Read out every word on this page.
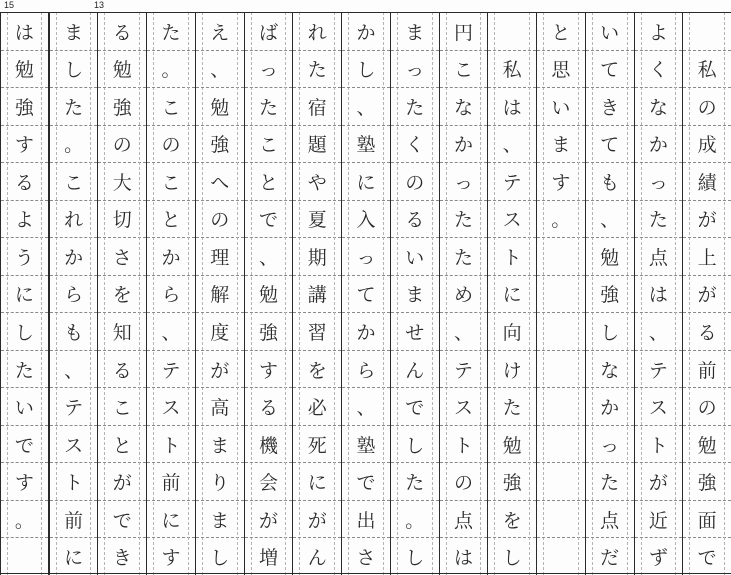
15	13
私
の
成
績
が
上
が
る
前
の
勉
強
面
で
よ
く
な
か
っ
た
点
は
、
テ
ス
ト
が
近
ず
い
て
き
て
も
、
勉
強
し
な
か
っ
た
点
だ
と
思
い
ま
す
。
私
は
、
テ
ス
ト
に
向
け
た
勉
強
を
し
円
こ
な
か
っ
た
た
め
、
テ
ス
ト
の
点
は
ま
っ
た
く
の
る
い
ま
せ
ん
で
し
た
。
し
か
し
、
塾
に
入
っ
て
か
ら
、
塾
で
出
さ
れ
た
宿
題
や
夏
期
講
習
を
必
死
に
が
ん
ば
っ
た
こ
と
で
、
勉
強
す
る
機
会
が
増
え
、
勉
強
へ
の
理
解
度
が
高
ま
り
ま
し
た
。
こ
の
こ
と
か
ら
、
テ
ス
ト
前
に
す
る
勉
強
の
大
切
さ
を
知
る
こ
と
が
で
き
ま
し
た
。
こ
れ
か
ら
も
、
テ
ス
ト
前
に
は
勉
強
す
る
よ
う
に
し
た
い
で
す
。
